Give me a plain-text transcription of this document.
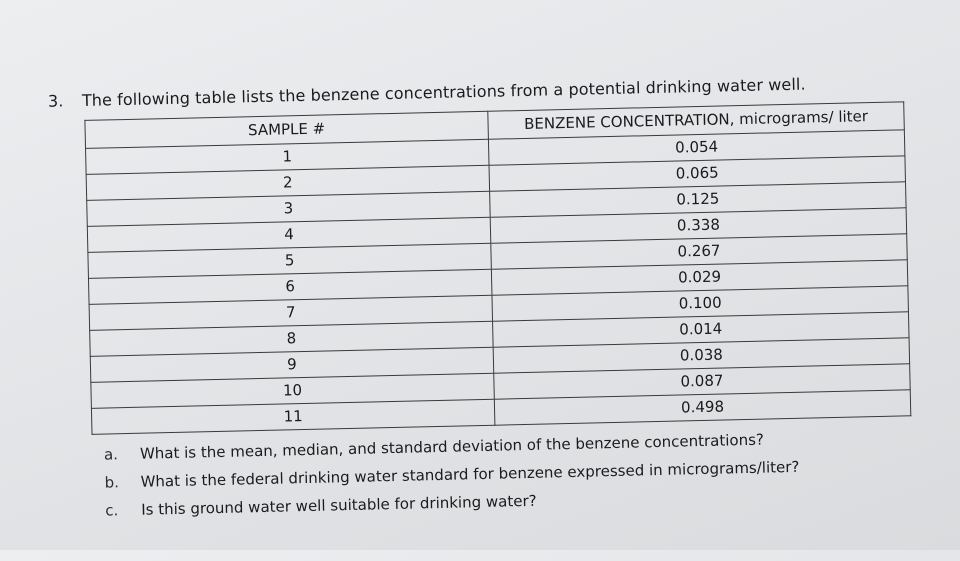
3. The following table lists the benzene concentrations from a potential drinking water well.
SAMPLE #	BENZENE CONCENTRATION, micrograms/ liter
1	0.054
2	0.065
3	0.125
4	0.338
5	0.267
6	0.029
7	0.100
8	0.014
9	0.038
10	0.087
11	0.498
a. What is the mean, median, and standard deviation of the benzene concentrations?
b. What is the federal drinking water standard for benzene expressed in micrograms/liter?
c. Is this ground water well suitable for drinking water?
